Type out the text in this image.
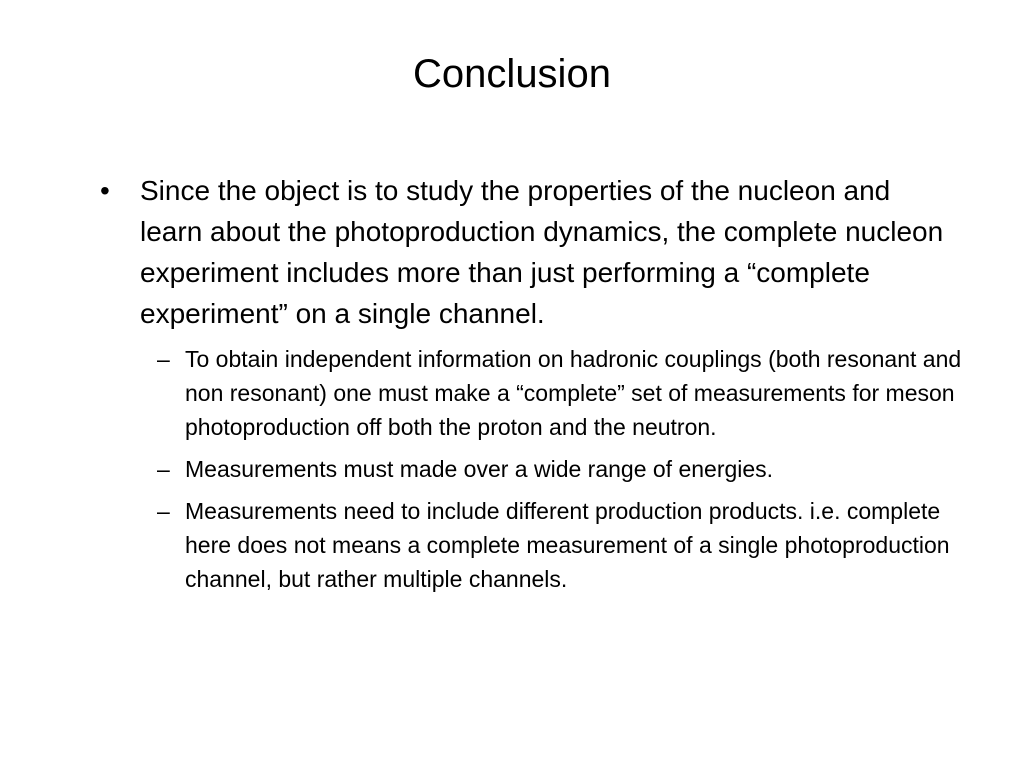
Conclusion
• Since the object is to study the properties of the nucleon and learn about the photoproduction dynamics, the complete nucleon experiment includes more than just performing a “complete experiment” on a single channel.
– To obtain independent information on hadronic couplings (both resonant and non resonant) one must make a “complete” set of measurements for meson photoproduction off both the proton and the neutron.
– Measurements must made over a wide range of energies.
– Measurements need to include different production products. i.e. complete here does not means a complete measurement of a single photoproduction channel, but rather multiple channels.
